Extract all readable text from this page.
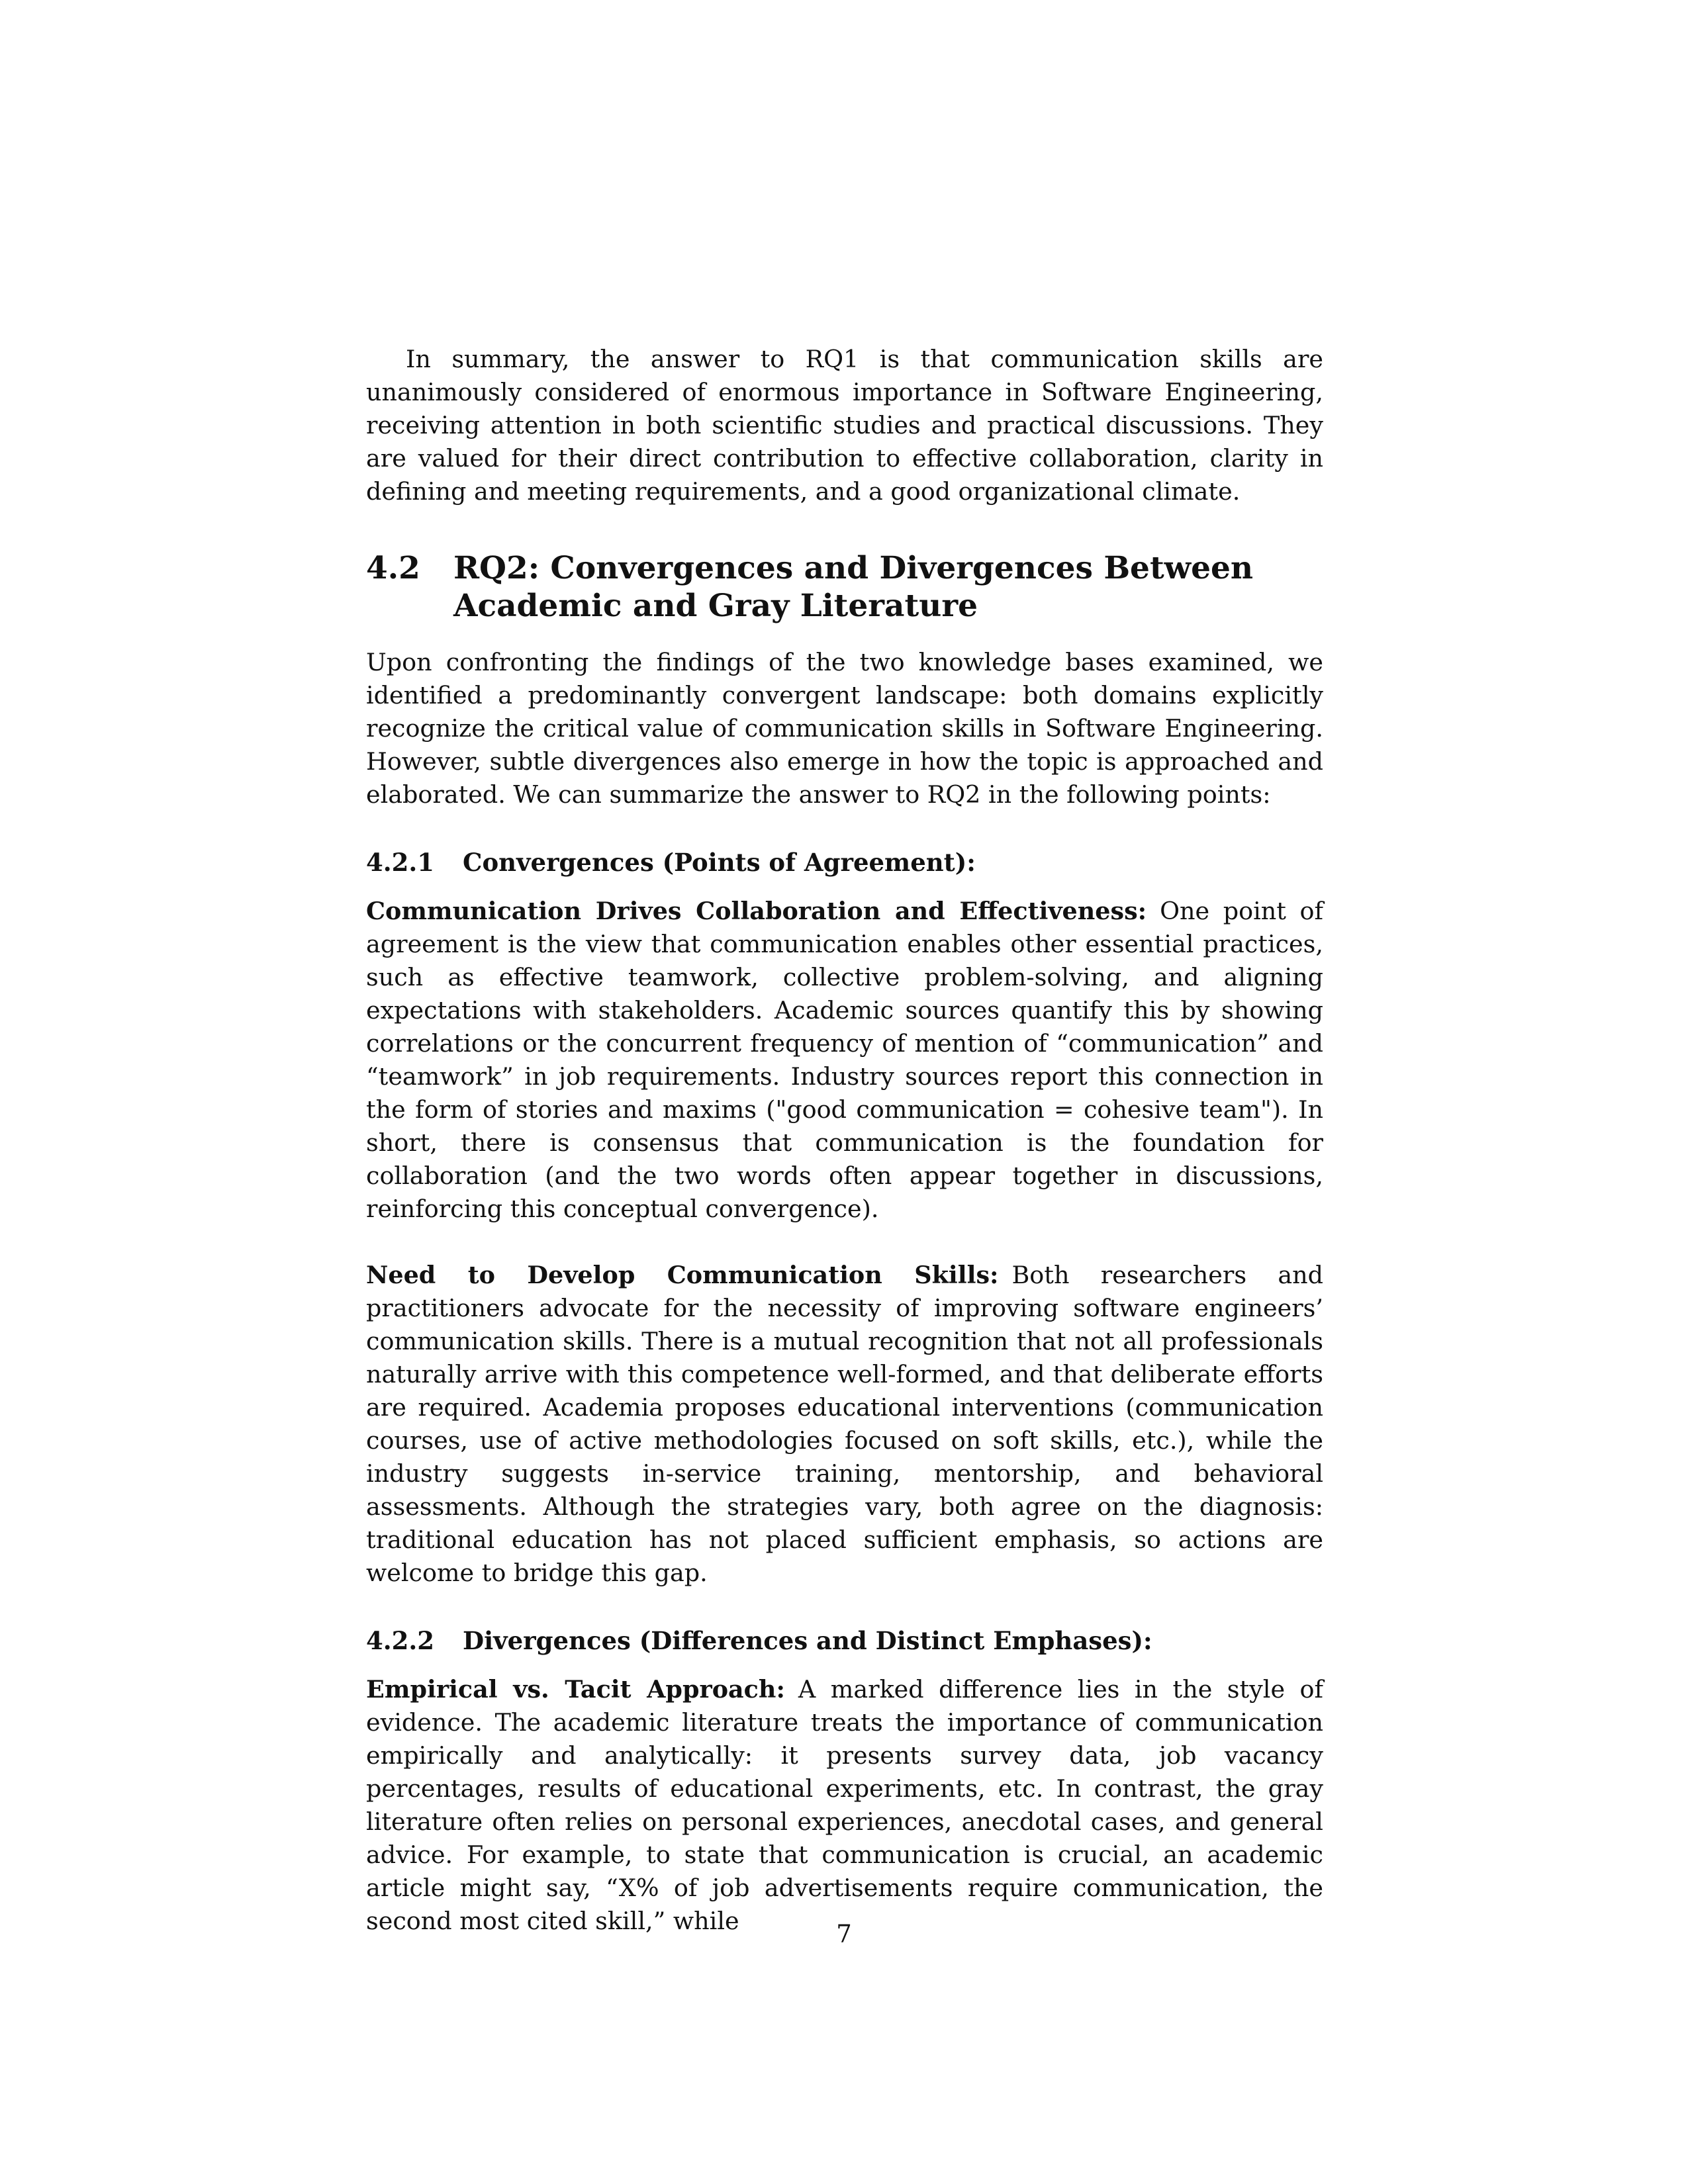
In summary, the answer to RQ1 is that communication skills are unanimously considered of enormous importance in Software Engineering, receiving attention in both scientific studies and practical discussions. They are valued for their direct contribution to effective collaboration, clarity in defining and meeting requirements, and a good organizational climate.

4.2	RQ2: Convergences and Divergences Between Academic and Gray Literature

Upon confronting the findings of the two knowledge bases examined, we identified a predominantly convergent landscape: both domains explicitly recognize the critical value of communication skills in Software Engineering. However, subtle divergences also emerge in how the topic is approached and elaborated. We can summarize the answer to RQ2 in the following points:

4.2.1	Convergences (Points of Agreement):

Communication Drives Collaboration and Effectiveness: One point of agreement is the view that communication enables other essential practices, such as effective teamwork, collective problem-solving, and aligning expectations with stakeholders. Academic sources quantify this by showing correlations or the concurrent frequency of mention of “communication” and “teamwork” in job requirements. Industry sources report this connection in the form of stories and maxims ("good communication = cohesive team"). In short, there is consensus that communication is the foundation for collaboration (and the two words often appear together in discussions, reinforcing this conceptual convergence).

Need to Develop Communication Skills: Both researchers and practitioners advocate for the necessity of improving software engineers’ communication skills. There is a mutual recognition that not all professionals naturally arrive with this competence well-formed, and that deliberate efforts are required. Academia proposes educational interventions (communication courses, use of active methodologies focused on soft skills, etc.), while the industry suggests in-service training, mentorship, and behavioral assessments. Although the strategies vary, both agree on the diagnosis: traditional education has not placed sufficient emphasis, so actions are welcome to bridge this gap.

4.2.2	Divergences (Differences and Distinct Emphases):

Empirical vs. Tacit Approach: A marked difference lies in the style of evidence. The academic literature treats the importance of communication empirically and analytically: it presents survey data, job vacancy percentages, results of educational experiments, etc. In contrast, the gray literature often relies on personal experiences, anecdotal cases, and general advice. For example, to state that communication is crucial, an academic article might say, “X% of job advertisements require communication, the second most cited skill,” while	7
